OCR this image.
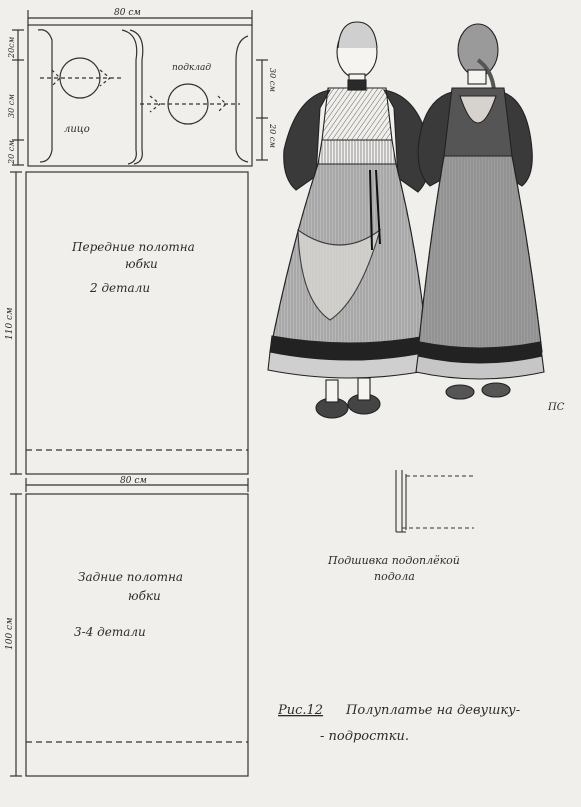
80 см
20см
30 см
20 см
30 см
20 см
лицо
подклад
Передние полотна
юбки
2 детали
110 см
80 см
Задние полотна
юбки
3-4 детали
100 см
ПС
Подшивка подоплёкой
подола
Рис.12 Полуплатье на девушку-
- подростки.
